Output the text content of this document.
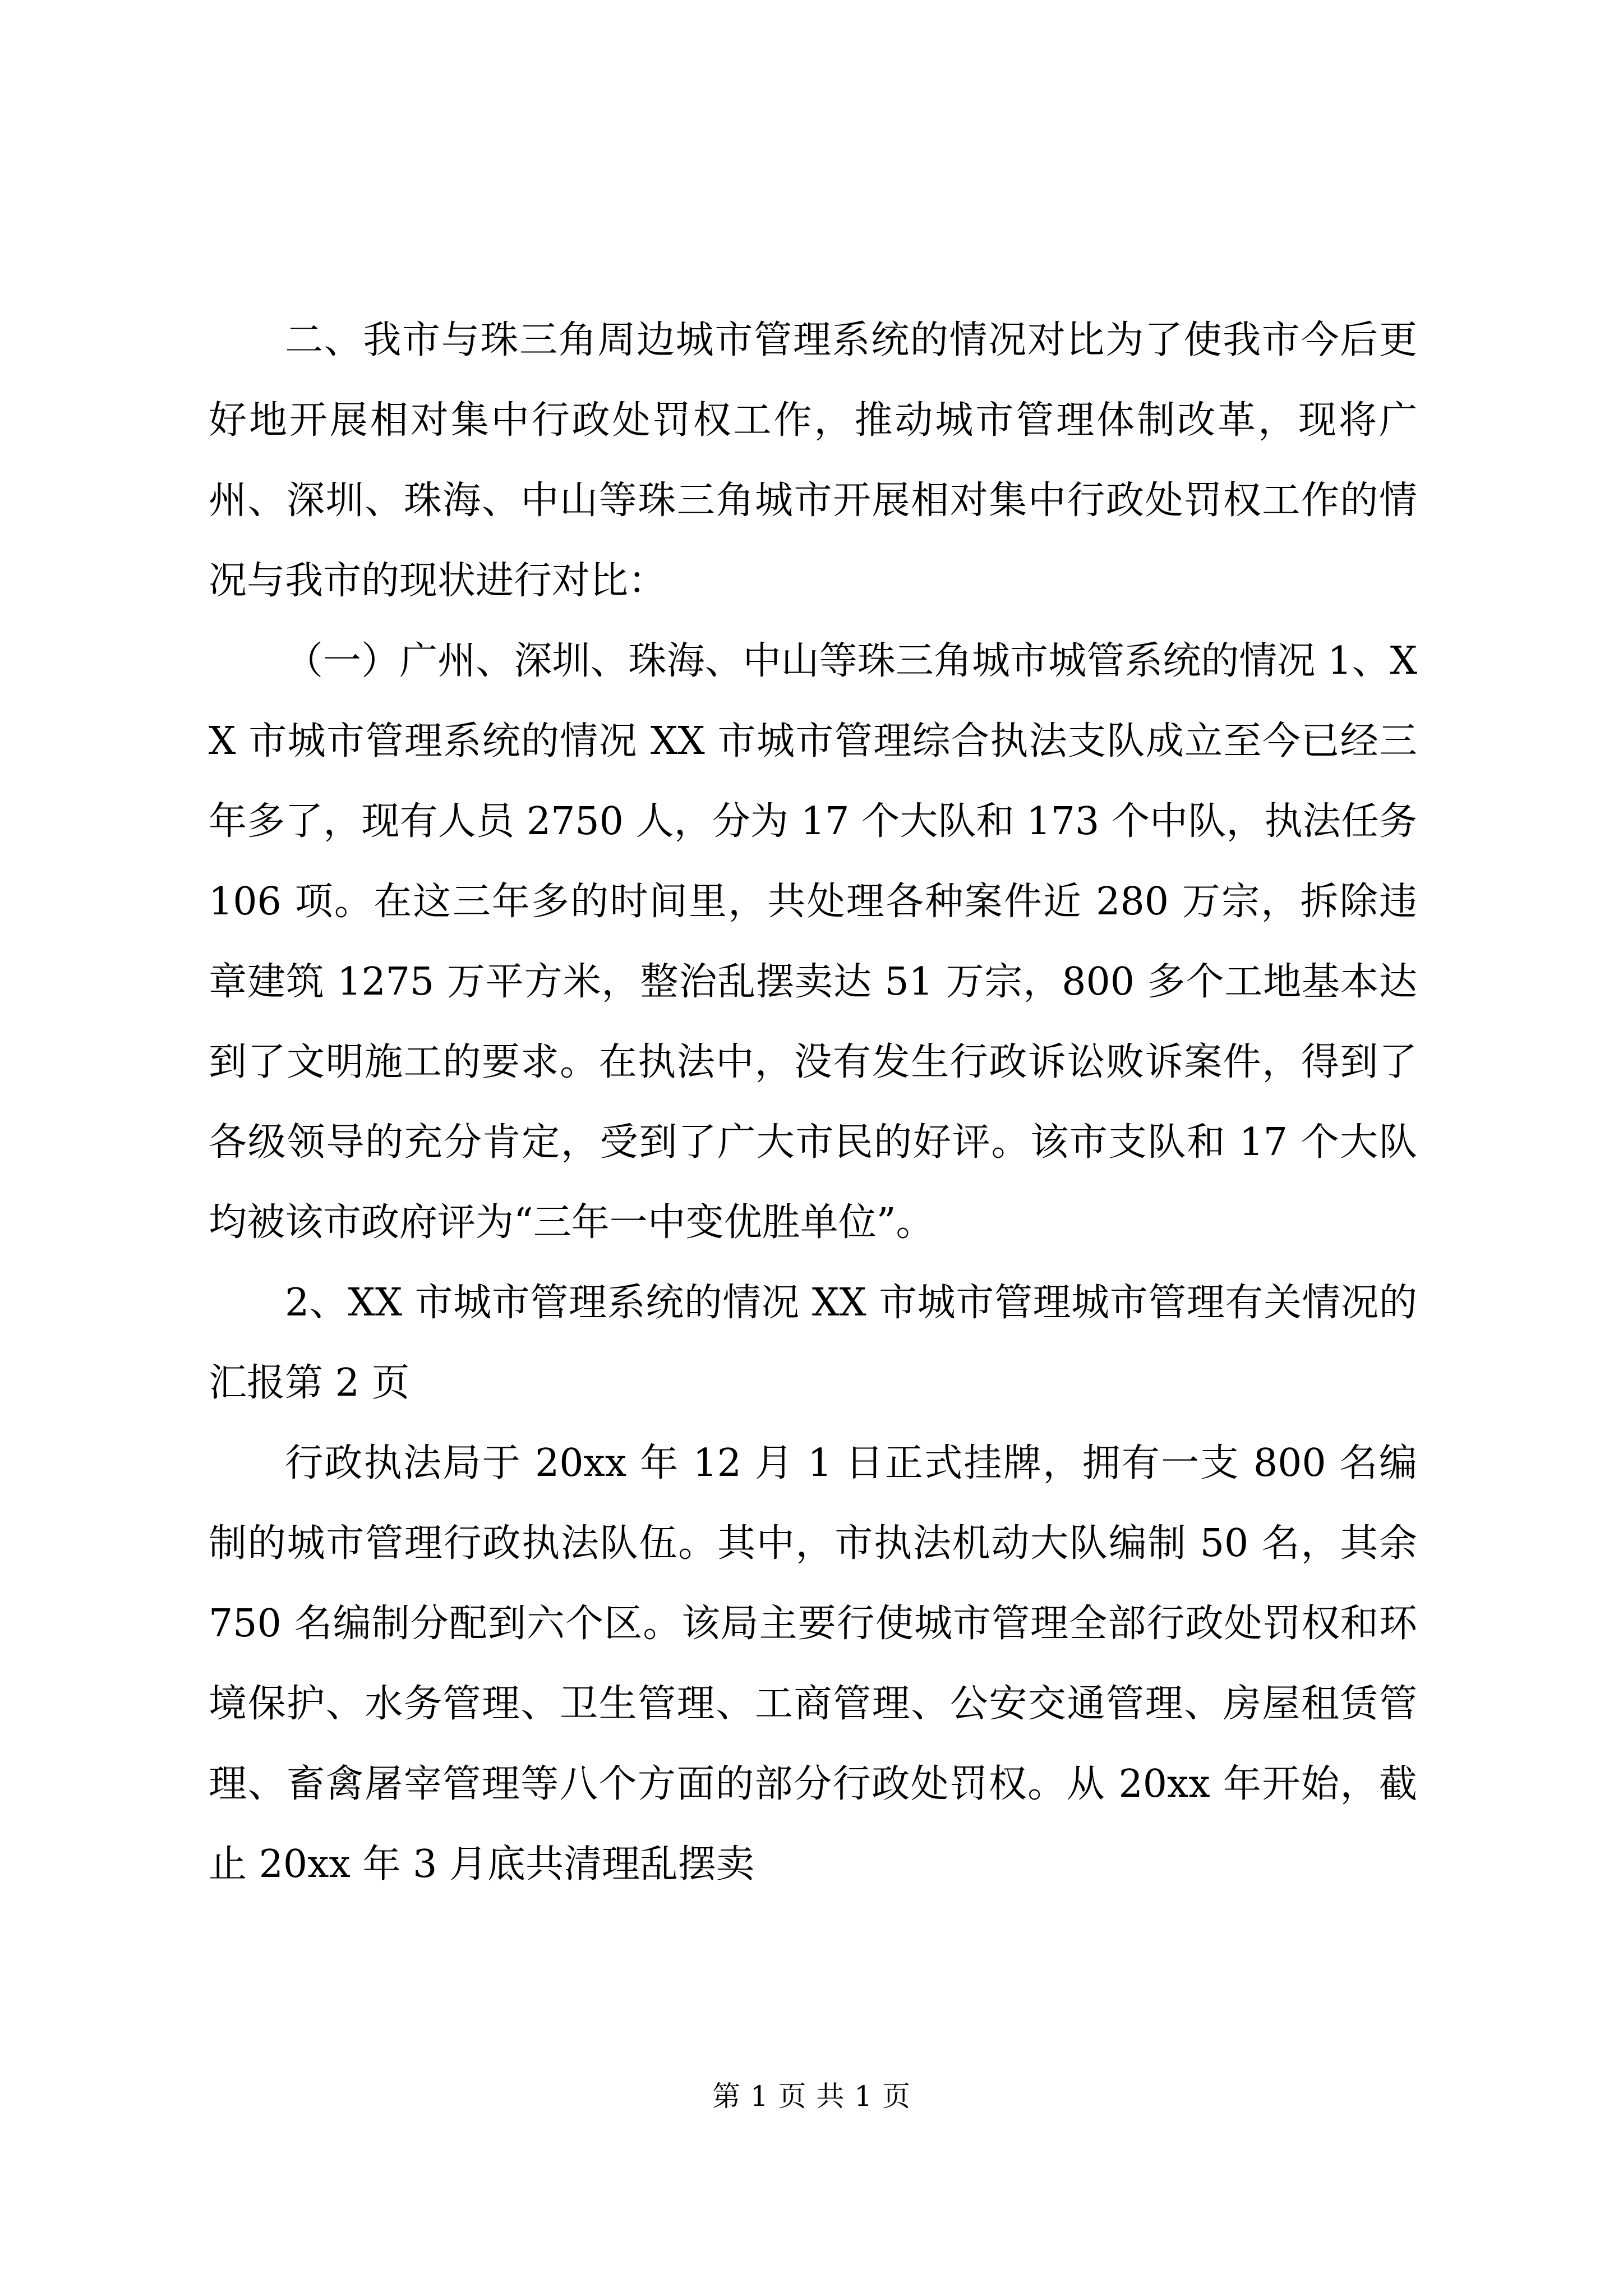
二、我市与珠三角周边城市管理系统的情况对比为了使我市今后更好地开展相对集中行政处罚权工作，推动城市管理体制改革，现将广州、深圳、珠海、中山等珠三角城市开展相对集中行政处罚权工作的情况与我市的现状进行对比：

（一）广州、深圳、珠海、中山等珠三角城市城管系统的情况 1、XX 市城市管理系统的情况 XX 市城市管理综合执法支队成立至今已经三年多了，现有人员 2750 人，分为 17 个大队和 173 个中队，执法任务 106 项。在这三年多的时间里，共处理各种案件近 280 万宗，拆除违章建筑 1275 万平方米，整治乱摆卖达 51 万宗，800 多个工地基本达到了文明施工的要求。在执法中，没有发生行政诉讼败诉案件，得到了各级领导的充分肯定，受到了广大市民的好评。该市支队和 17 个大队均被该市政府评为“三年一中变优胜单位”。

2、XX 市城市管理系统的情况 XX 市城市管理城市管理有关情况的汇报第 2 页

行政执法局于 20xx 年 12 月 1 日正式挂牌，拥有一支 800 名编制的城市管理行政执法队伍。其中，市执法机动大队编制 50 名，其余 750 名编制分配到六个区。该局主要行使城市管理全部行政处罚权和环境保护、水务管理、卫生管理、工商管理、公安交通管理、房屋租赁管理、畜禽屠宰管理等八个方面的部分行政处罚权。从 20xx 年开始，截止 20xx 年 3 月底共清理乱摆卖

第 1 页 共 1 页
